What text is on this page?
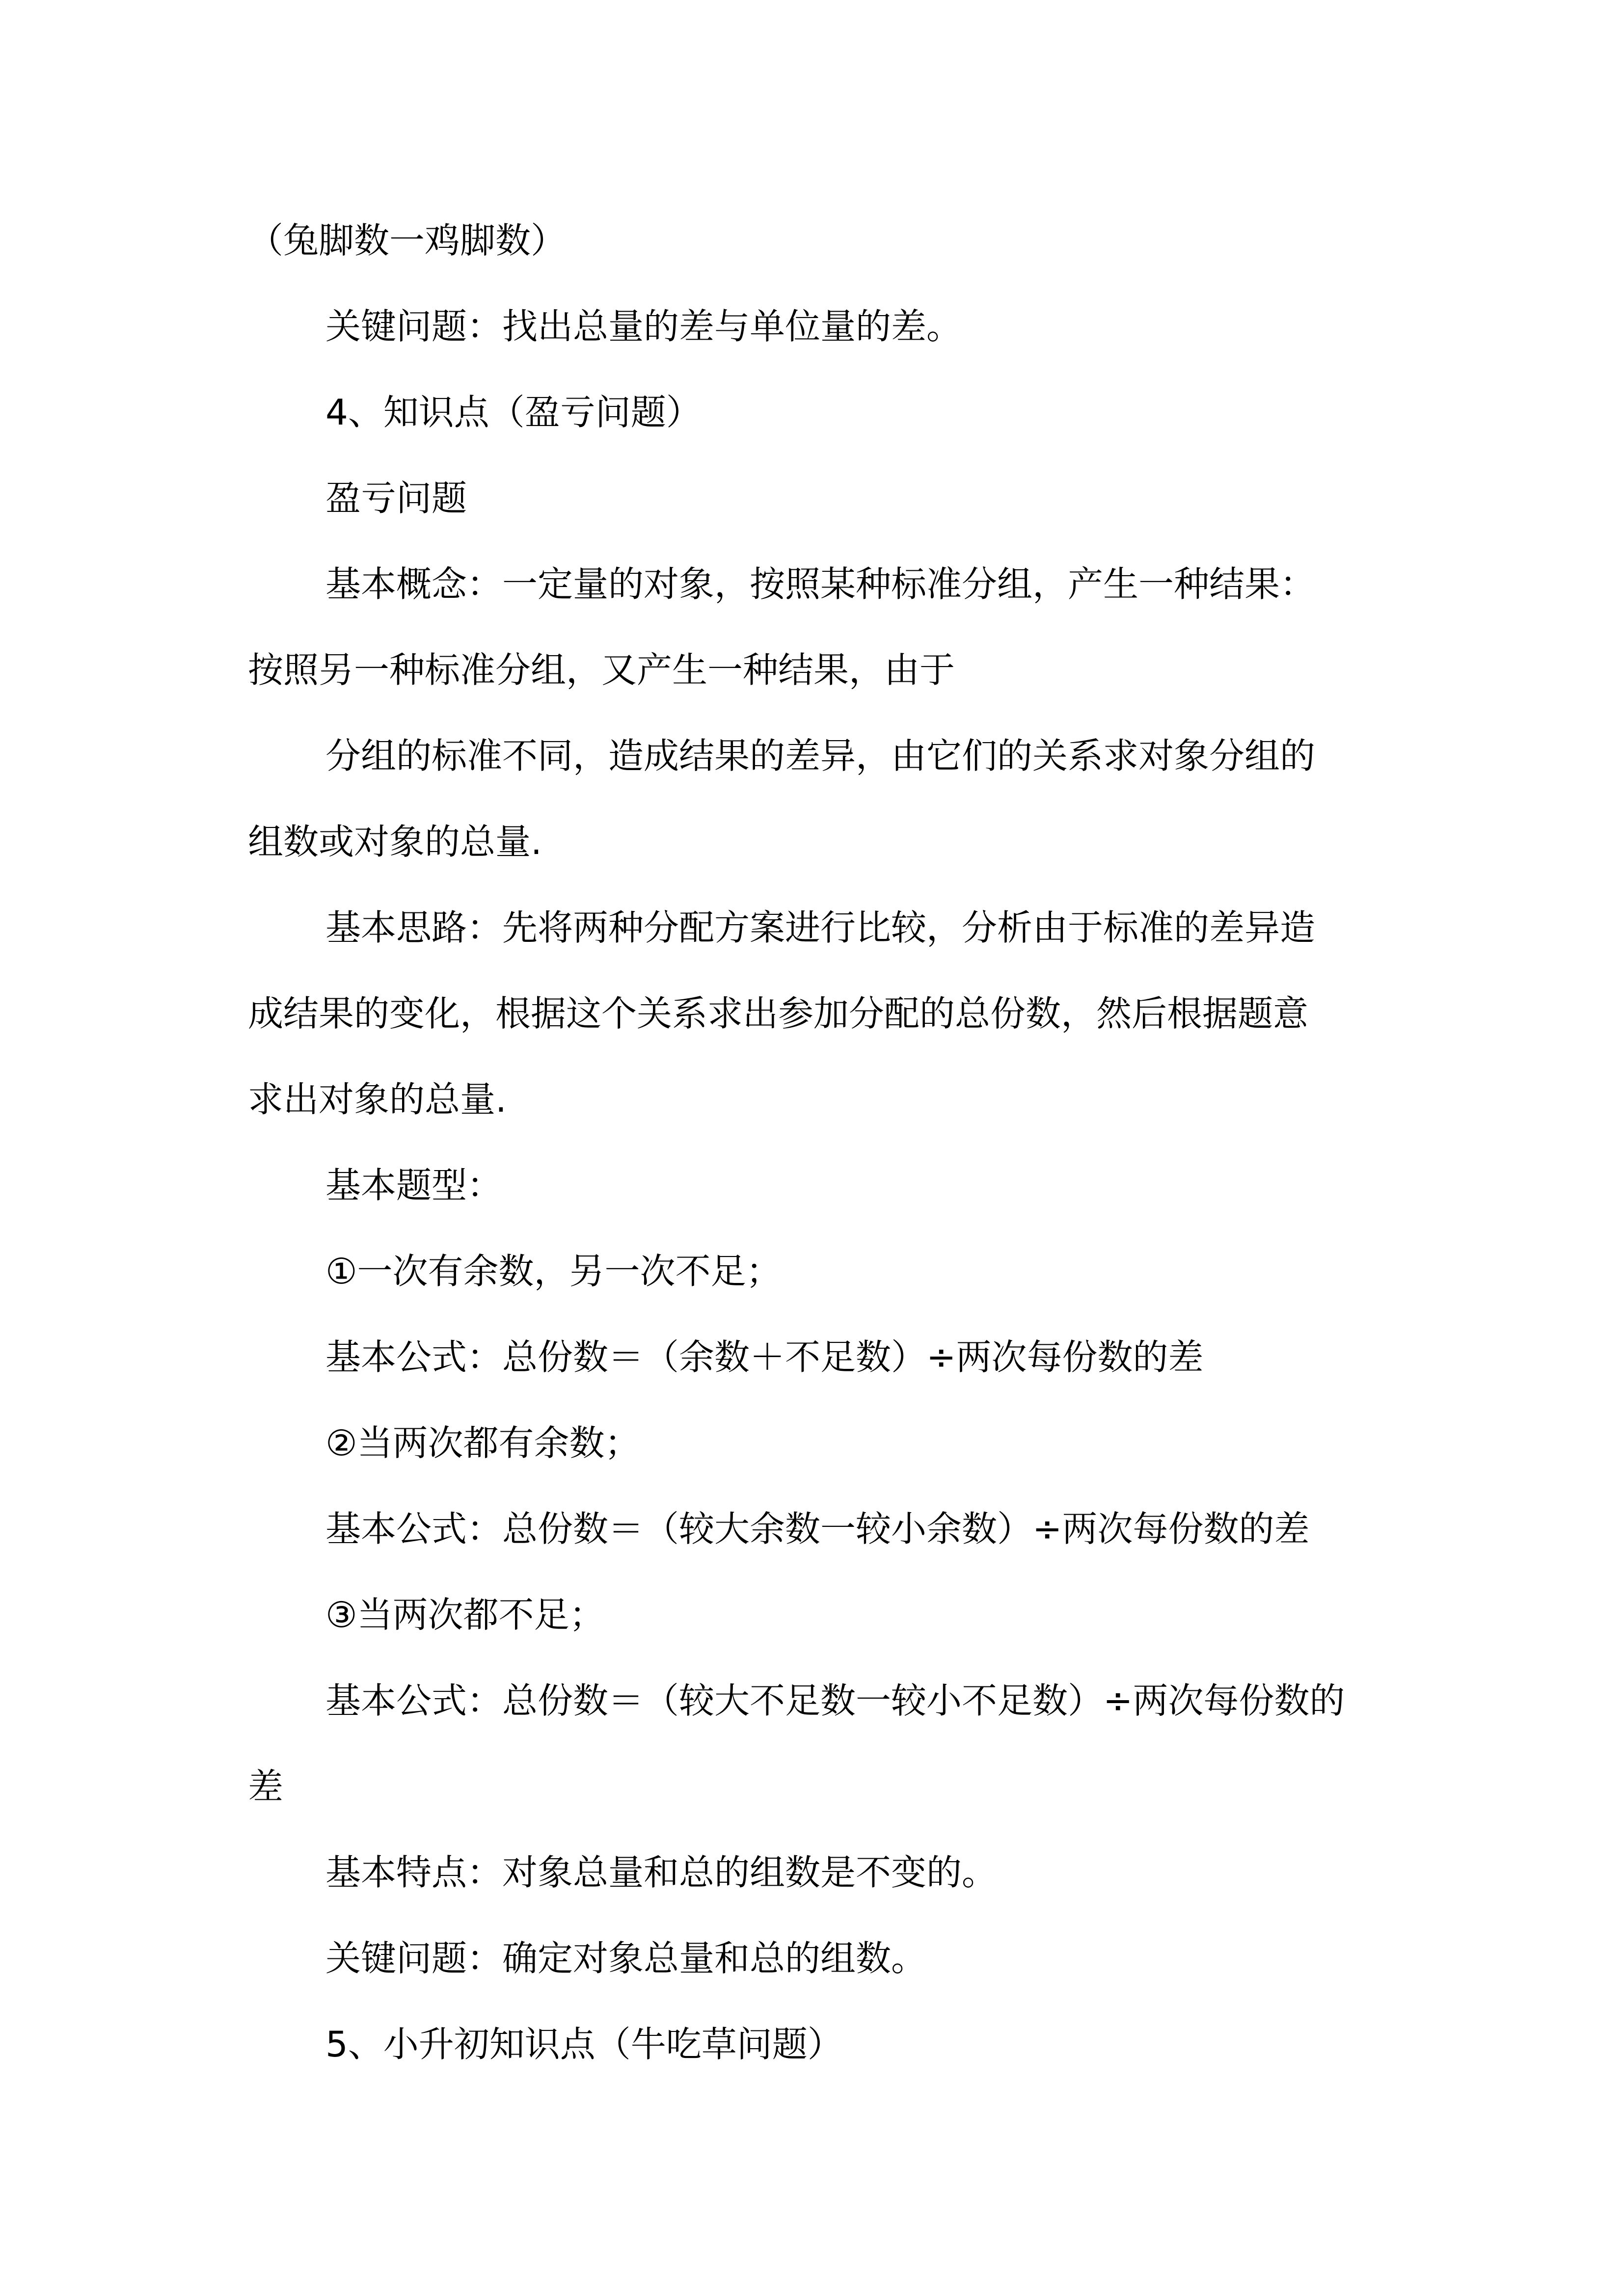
（兔脚数一鸡脚数）
关键问题：找出总量的差与单位量的差。
4、知识点（盈亏问题）
盈亏问题
基本概念：一定量的对象，按照某种标准分组，产生一种结果：
按照另一种标准分组，又产生一种结果，由于
分组的标准不同，造成结果的差异，由它们的关系求对象分组的
组数或对象的总量.
基本思路：先将两种分配方案进行比较，分析由于标准的差异造
成结果的变化，根据这个关系求出参加分配的总份数，然后根据题意
求出对象的总量.
基本题型：
①一次有余数，另一次不足；
基本公式：总份数＝（余数＋不足数）÷两次每份数的差
②当两次都有余数；
基本公式：总份数＝（较大余数一较小余数）÷两次每份数的差
③当两次都不足；
基本公式：总份数＝（较大不足数一较小不足数）÷两次每份数的
差
基本特点：对象总量和总的组数是不变的。
关键问题：确定对象总量和总的组数。
5、小升初知识点（牛吃草问题）
